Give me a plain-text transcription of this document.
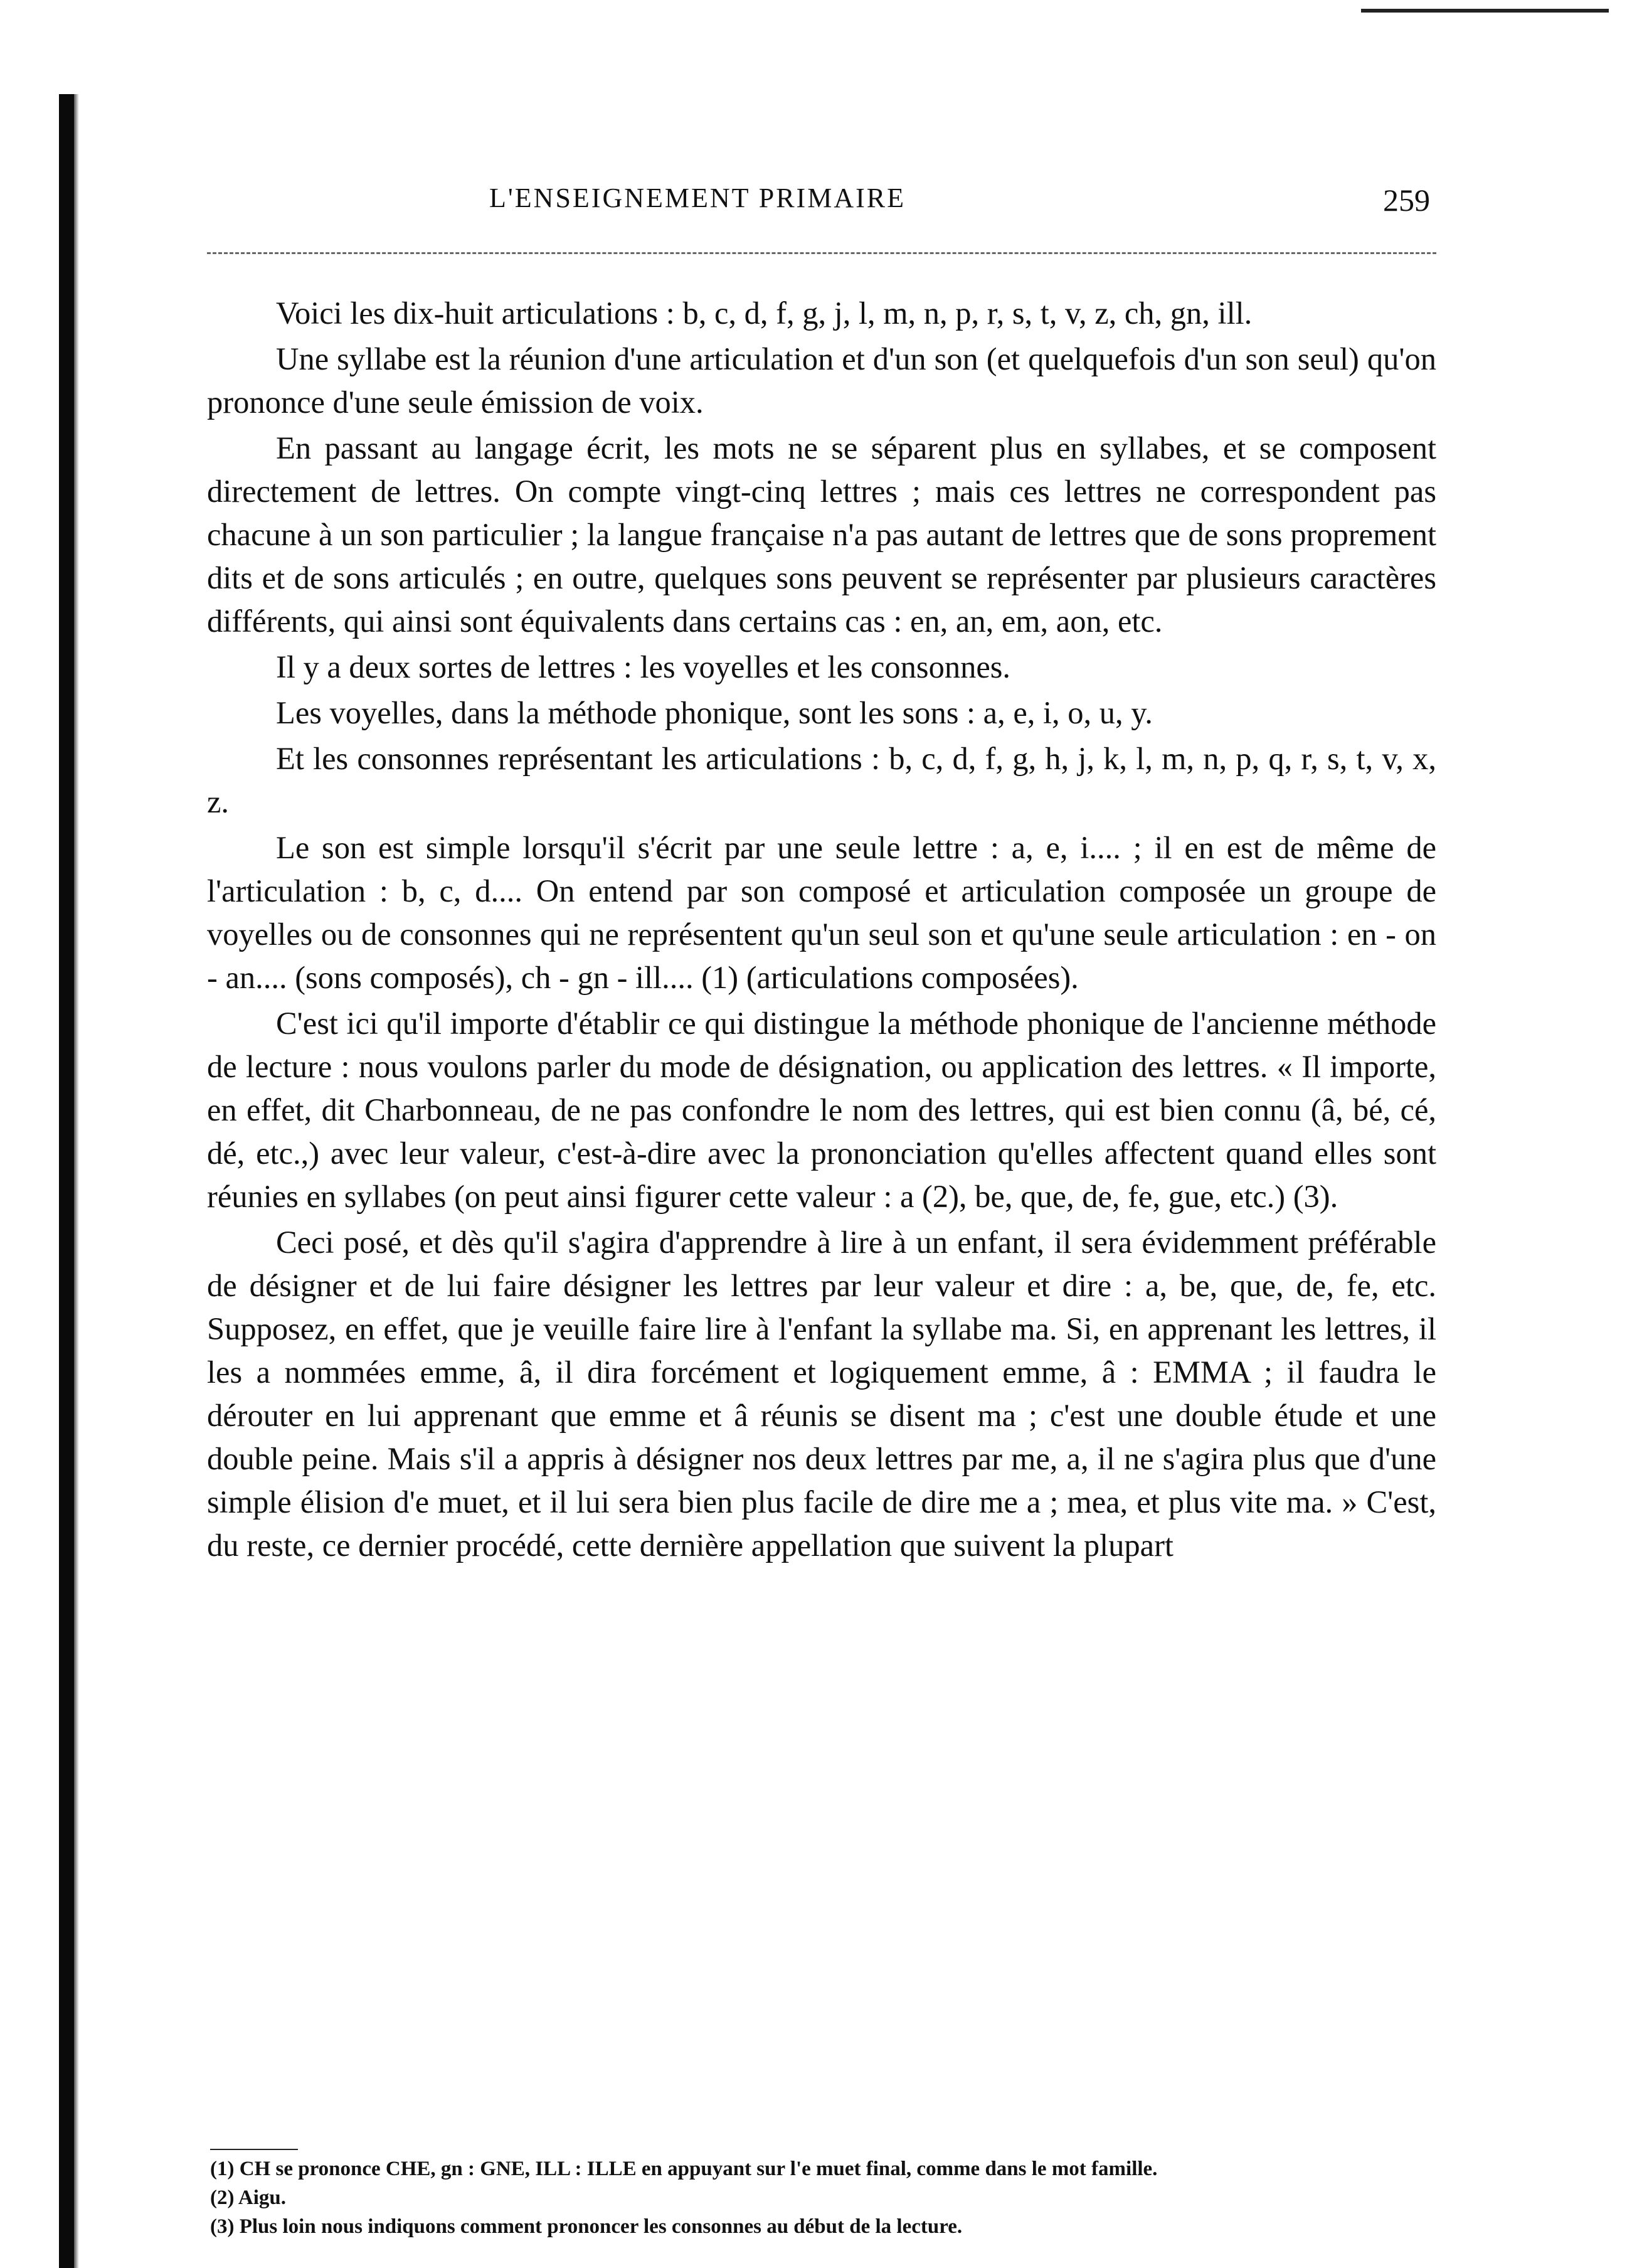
L'ENSEIGNEMENT PRIMAIRE	259

Voici les dix-huit articulations : b, c, d, f, g, j, l, m, n, p, r, s, t, v, z, ch, gn, ill.

Une syllabe est la réunion d'une articulation et d'un son (et quelquefois d'un son seul) qu'on prononce d'une seule émission de voix.

En passant au langage écrit, les mots ne se séparent plus en syllabes, et se composent directement de lettres. On compte vingt-cinq lettres ; mais ces lettres ne correspondent pas chacune à un son particulier ; la langue française n'a pas autant de lettres que de sons proprement dits et de sons articulés ; en outre, quelques sons peuvent se représenter par plusieurs caractères différents, qui ainsi sont équivalents dans certains cas : en, an, em, aon, etc.

Il y a deux sortes de lettres : les voyelles et les consonnes.

Les voyelles, dans la méthode phonique, sont les sons : a, e, i, o, u, y.

Et les consonnes représentant les articulations : b, c, d, f, g, h, j, k, l, m, n, p, q, r, s, t, v, x, z.

Le son est simple lorsqu'il s'écrit par une seule lettre : a, e, i.... ; il en est de même de l'articulation : b, c, d.... On entend par son composé et articulation composée un groupe de voyelles ou de consonnes qui ne représentent qu'un seul son et qu'une seule articulation : en - on - an.... (sons composés), ch - gn - ill.... (1) (articulations composées).

C'est ici qu'il importe d'établir ce qui distingue la méthode phonique de l'ancienne méthode de lecture : nous voulons parler du mode de désignation, ou application des lettres. « Il importe, en effet, dit Charbonneau, de ne pas confondre le nom des lettres, qui est bien connu (â, bé, cé, dé, etc.,) avec leur valeur, c'est-à-dire avec la prononciation qu'elles affectent quand elles sont réunies en syllabes (on peut ainsi figurer cette valeur : a (2), be, que, de, fe, gue, etc.) (3).

Ceci posé, et dès qu'il s'agira d'apprendre à lire à un enfant, il sera évidemment préférable de désigner et de lui faire désigner les lettres par leur valeur et dire : a, be, que, de, fe, etc. Supposez, en effet, que je veuille faire lire à l'enfant la syllabe ma. Si, en apprenant les lettres, il les a nommées emme, â, il dira forcément et logiquement emme, â : EMMA ; il faudra le dérouter en lui apprenant que emme et â réunis se disent ma ; c'est une double étude et une double peine. Mais s'il a appris à désigner nos deux lettres par me, a, il ne s'agira plus que d'une simple élision d'e muet, et il lui sera bien plus facile de dire me a ; mea, et plus vite ma. » C'est, du reste, ce dernier procédé, cette dernière appellation que suivent la plupart

(1) CH se prononce CHE, gn : GNE, ILL : ILLE en appuyant sur l'e muet final, comme dans le mot famille.

(2) Aigu.

(3) Plus loin nous indiquons comment prononcer les consonnes au début de la lecture.
